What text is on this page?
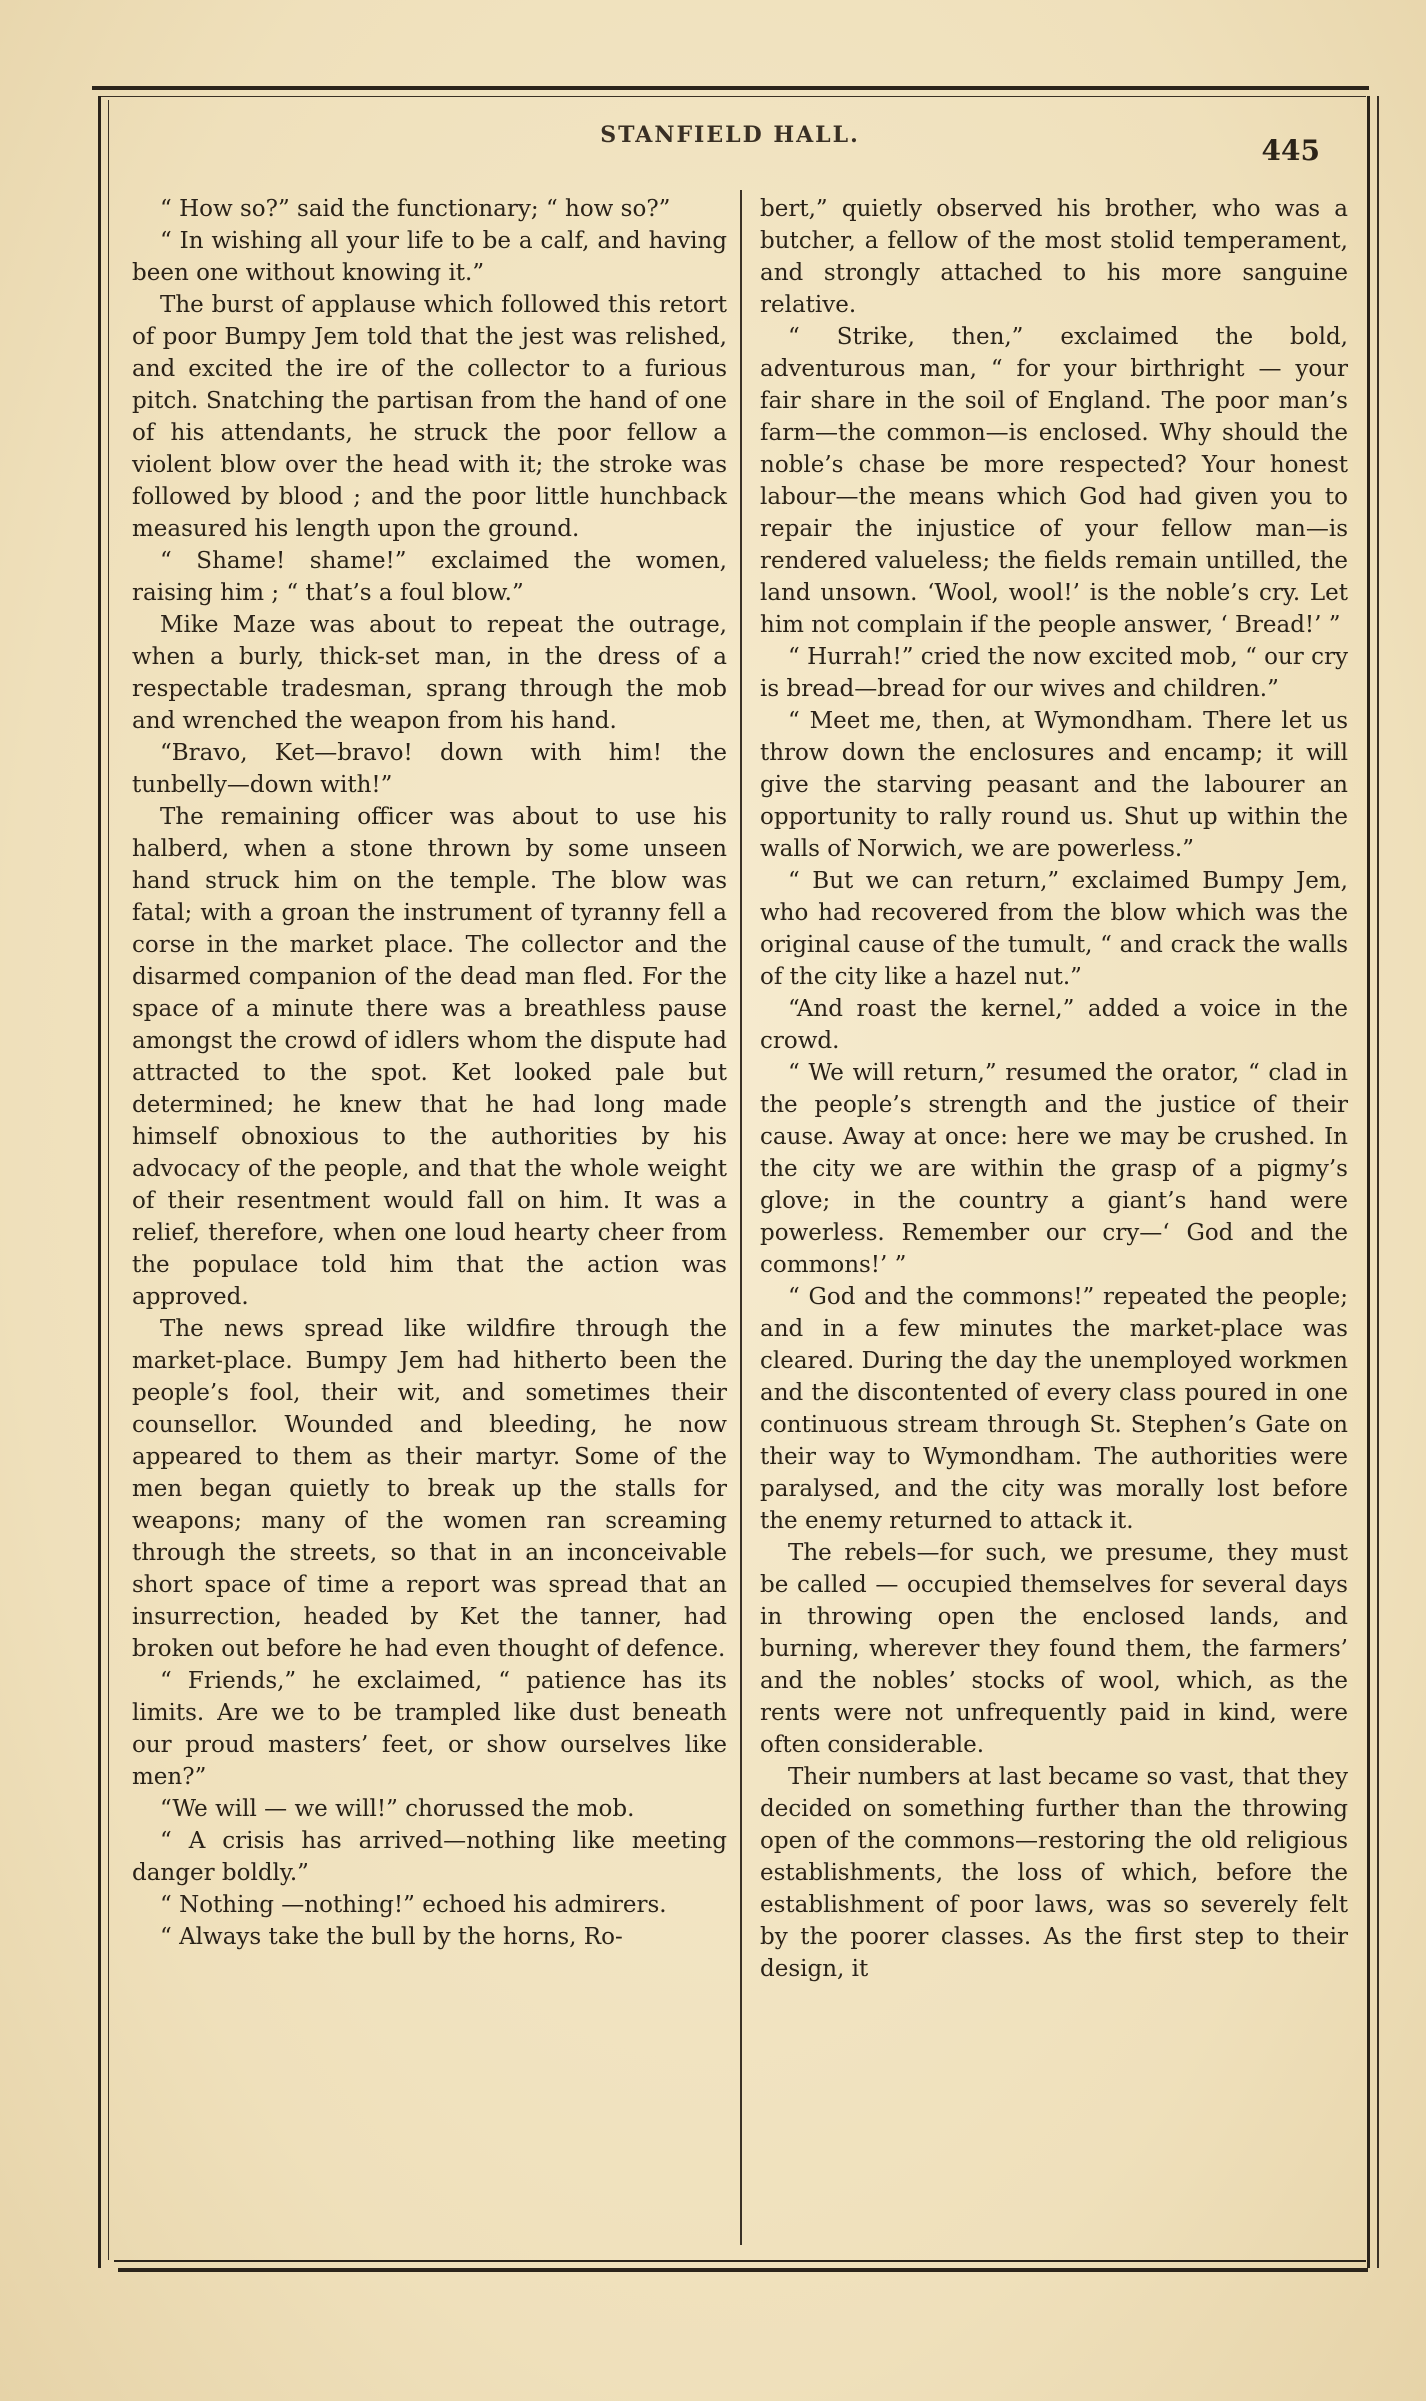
STANFIELD HALL.	445

“ How so?” said the functionary; “ how so?”

“ In wishing all your life to be a calf, and having been one without knowing it.”

The burst of applause which followed this retort of poor Bumpy Jem told that the jest was relished, and excited the ire of the collector to a furious pitch. Snatching the partisan from the hand of one of his attendants, he struck the poor fellow a violent blow over the head with it; the stroke was followed by blood ; and the poor little hunchback measured his length upon the ground.

“ Shame! shame!” exclaimed the women, raising him ; “ that’s a foul blow.”

Mike Maze was about to repeat the outrage, when a burly, thick-set man, in the dress of a respectable tradesman, sprang through the mob and wrenched the weapon from his hand.

“Bravo, Ket—bravo! down with him! the tunbelly—down with!”

The remaining officer was about to use his halberd, when a stone thrown by some unseen hand struck him on the temple. The blow was fatal; with a groan the instrument of tyranny fell a corse in the market place. The collector and the disarmed companion of the dead man fled. For the space of a minute there was a breathless pause amongst the crowd of idlers whom the dispute had attracted to the spot. Ket looked pale but determined; he knew that he had long made himself obnoxious to the authorities by his advocacy of the people, and that the whole weight of their resentment would fall on him. It was a relief, therefore, when one loud hearty cheer from the populace told him that the action was approved.

The news spread like wildfire through the market-place. Bumpy Jem had hitherto been the people’s fool, their wit, and sometimes their counsellor. Wounded and bleeding, he now appeared to them as their martyr. Some of the men began quietly to break up the stalls for weapons; many of the women ran screaming through the streets, so that in an inconceivable short space of time a report was spread that an insurrection, headed by Ket the tanner, had broken out before he had even thought of defence.

“ Friends,” he exclaimed, “ patience has its limits. Are we to be trampled like dust beneath our proud masters’ feet, or show ourselves like men?”

“We will — we will!” chorussed the mob.

“ A crisis has arrived—nothing like meeting danger boldly.”

“ Nothing —nothing!” echoed his admirers.

“ Always take the bull by the horns, Ro-

bert,” quietly observed his brother, who was a butcher, a fellow of the most stolid temperament, and strongly attached to his more sanguine relative.

“ Strike, then,” exclaimed the bold, adventurous man, “ for your birthright — your fair share in the soil of England. The poor man’s farm—the common—is enclosed. Why should the noble’s chase be more respected? Your honest labour—the means which God had given you to repair the injustice of your fellow man—is rendered valueless; the fields remain untilled, the land unsown. ‘Wool, wool!’ is the noble’s cry. Let him not complain if the people answer, ‘ Bread!’ ”

“ Hurrah!” cried the now excited mob, “ our cry is bread—bread for our wives and children.”

“ Meet me, then, at Wymondham. There let us throw down the enclosures and encamp; it will give the starving peasant and the labourer an opportunity to rally round us. Shut up within the walls of Norwich, we are powerless.”

“ But we can return,” exclaimed Bumpy Jem, who had recovered from the blow which was the original cause of the tumult, “ and crack the walls of the city like a hazel nut.”

“And roast the kernel,” added a voice in the crowd.

“ We will return,” resumed the orator, “ clad in the people’s strength and the justice of their cause. Away at once: here we may be crushed. In the city we are within the grasp of a pigmy’s glove; in the country a giant’s hand were powerless. Remember our cry—‘ God and the commons!’ ”

“ God and the commons!” repeated the people; and in a few minutes the market-place was cleared. During the day the unemployed workmen and the discontented of every class poured in one continuous stream through St. Stephen’s Gate on their way to Wymondham. The authorities were paralysed, and the city was morally lost before the enemy returned to attack it.

The rebels—for such, we presume, they must be called — occupied themselves for several days in throwing open the enclosed lands, and burning, wherever they found them, the farmers’ and the nobles’ stocks of wool, which, as the rents were not unfrequently paid in kind, were often considerable.

Their numbers at last became so vast, that they decided on something further than the throwing open of the commons—restoring the old religious establishments, the loss of which, before the establishment of poor laws, was so severely felt by the poorer classes. As the first step to their design, it
